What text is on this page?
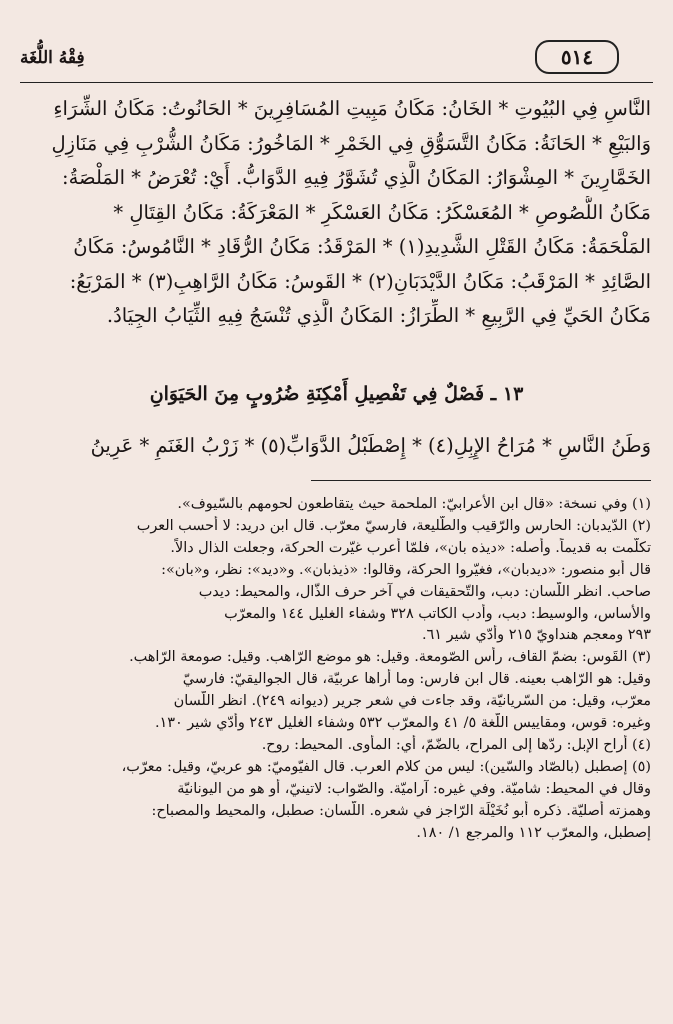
فِقْهُ اللُّغَة	٥١٤
النَّاسِ فِي البُيُوتِ * الخَانُ: مَكَانُ مَبِيتِ المُسَافِرِينَ * الحَانُوتُ: مَكَانُ الشِّرَاءِ
وَالبَيْعِ * الحَانَةُ: مَكَانُ التَّسَوُّقِ فِي الخَمْرِ * المَاخُورُ: مَكَانُ الشُّرْبِ فِي مَنَازِلِ
الخَمَّارِينَ * المِشْوَارُ: المَكَانُ الَّذِي تُشَوَّرُ فِيهِ الدَّوَابُّ. أَيْ: تُعْرَضُ * المَلْصَةُ:
مَكَانُ اللُّصُوصِ * المُعَسْكَرُ: مَكَانُ العَسْكَرِ * المَعْرَكَةُ: مَكَانُ القِتَالِ *
المَلْحَمَةُ: مَكَانُ القَتْلِ الشَّدِيدِ(١) * المَرْقَدُ: مَكَانُ الرُّقَادِ * النَّامُوسُ: مَكَانُ
الصَّائِدِ * المَرْقَبُ: مَكَانُ الدَّيْدَبَانِ(٢) * القَوسُ: مَكَانُ الرَّاهِبِ(٣) * المَرْبَعُ:
مَكَانُ الحَيِّ فِي الرَّبِيعِ * الطِّرَازُ: المَكَانُ الَّذِي تُنْسَجُ فِيهِ الثِّيَابُ الجِيَادُ.
١٣ ـ فَصْلٌ فِي تَفْصِيلِ أَمْكِنَةِ ضُرُوبٍ مِنَ الحَيَوَانِ
وَطَنُ النَّاسِ * مُرَاحُ الإِبِلِ(٤) * إِصْطَبْلُ الدَّوَابِّ(٥) * زَرْبُ الغَنَمِ * عَرِينُ
(١) وفي نسخة: «قال ابن الأعرابيّ: الملحمة حيث يتقاطعون لحومهم بالسّيوف».
(٢) الدّيدبان: الحارس والرّقيب والطّليعة، فارسيّ معرّب. قال ابن دريد: لا أحسب العرب
تكلّمت به قديماً. وأصله: «ديذه بان»، فلمّا أُعرب غيّرت الحركة، وجعلت الذال دالاً.
قال أبو منصور: «ديدبان»، فغيّروا الحركة، وقالوا: «ذيذبان». و«ديد»: نظر، و«بان»:
صاحب. انظر اللّسان: دبب، والتّحقيقات في آخر حرف الذّال، والمحيط: ديدب
والأساس، والوسيط: دبب، وأدب الكاتب ٣٢٨ وشفاء الغليل ١٤٤ والمعرّب
٢٩٣ ومعجم هنداويّ ٢١٥ وأدّي شير ٦١.
(٣) القَوس: بضمّ القاف، رأس الصّومعة. وقيل: هو موضع الرّاهب. وقيل: صومعة الرّاهب.
وقيل: هو الرّاهب بعينه. قال ابن فارس: وما أُراها عربيّة، قال الجواليقيّ: فارسيّ
معرّب، وقيل: من السّريانيّة، وقد جاءت في شعر جرير (ديوانه ٢٤٩). انظر اللّسان
وغيره: قوس، ومقاييس اللّغة ٥/ ٤١ والمعرّب ٥٣٢ وشفاء الغليل ٢٤٣ وأدّي شير ١٣٠.
(٤) أراح الإبل: ردّها إلى المراح، بالضّمّ، أي: المأوى. المحيط: روح.
(٥) إصطبل (بالصّاد والسّين): ليس من كلام العرب. قال الفيّوميّ: هو عربيّ، وقيل: معرّب،
وقال في المحيط: شاميّة. وفي غيره: آراميّة. والصّواب: لاتينيّ، أو هو من اليونانيّة
وهمزته أصليّة. ذكره أبو نُخَيْلَة الرّاجز في شعره. اللّسان: صطبل، والمحيط والمصباح:
إصطبل، والمعرّب ١١٢ والمرجع ١/ ١٨٠.
